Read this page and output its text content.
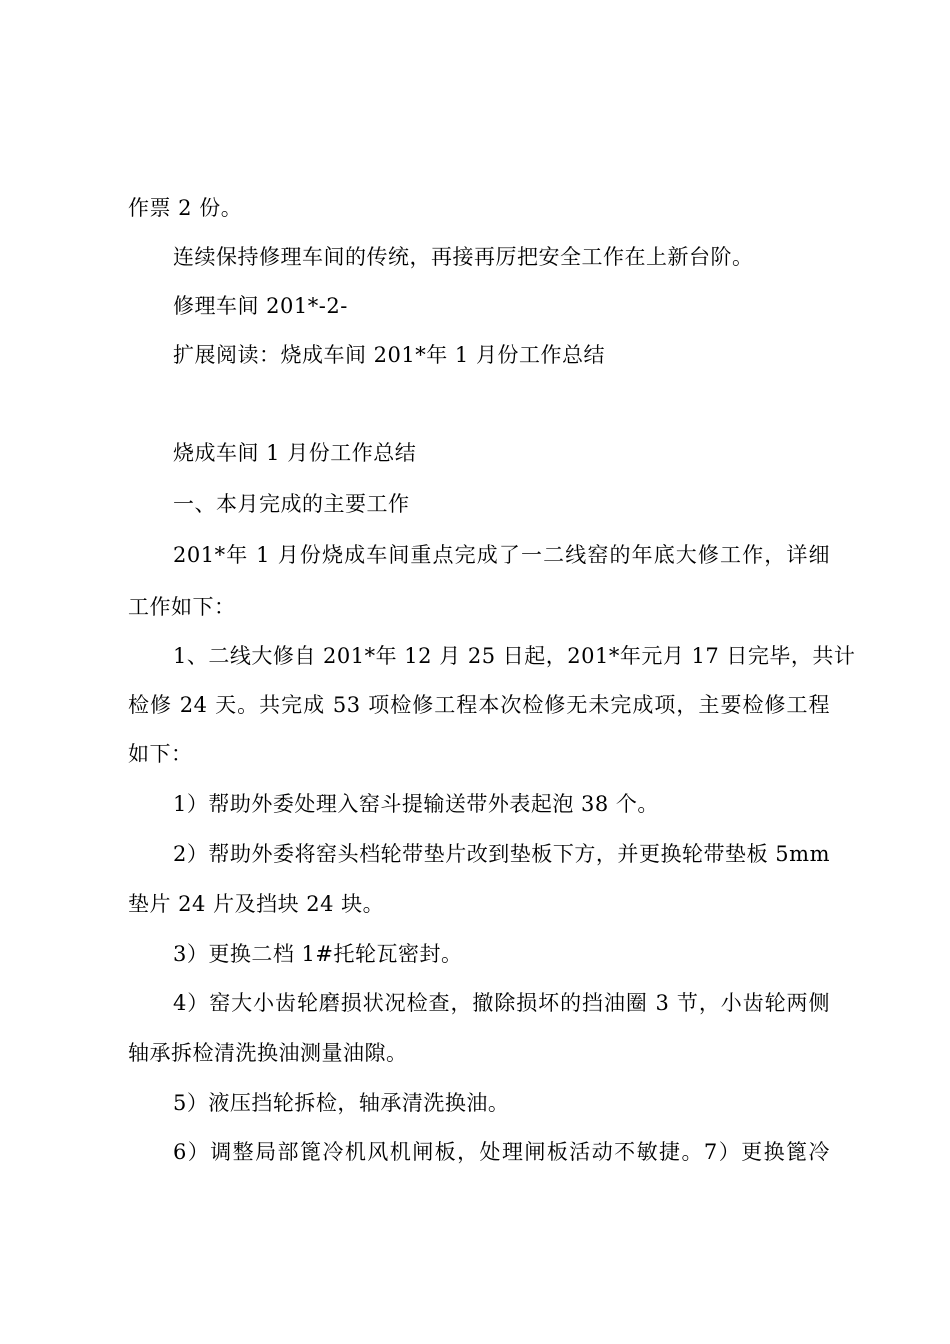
作票 2 份。
连续保持修理车间的传统，再接再厉把安全工作在上新台阶。
修理车间 201*-2-
扩展阅读：烧成车间 201*年 1 月份工作总结
烧成车间 1 月份工作总结
一、本月完成的主要工作
201*年 1 月份烧成车间重点完成了一二线窑的年底大修工作，详细
工作如下：
1、二线大修自 201*年 12 月 25 日起，201*年元月 17 日完毕，共计
检修 24 天。共完成 53 项检修工程本次检修无未完成项，主要检修工程
如下：
1）帮助外委处理入窑斗提输送带外表起泡 38 个。
2）帮助外委将窑头档轮带垫片改到垫板下方，并更换轮带垫板 5mm
垫片 24 片及挡块 24 块。
3）更换二档 1#托轮瓦密封。
4）窑大小齿轮磨损状况检查，撤除损坏的挡油圈 3 节，小齿轮两侧
轴承拆检清洗换油测量油隙。
5）液压挡轮拆检，轴承清洗换油。
6）调整局部篦冷机风机闸板，处理闸板活动不敏捷。7）更换篦冷
